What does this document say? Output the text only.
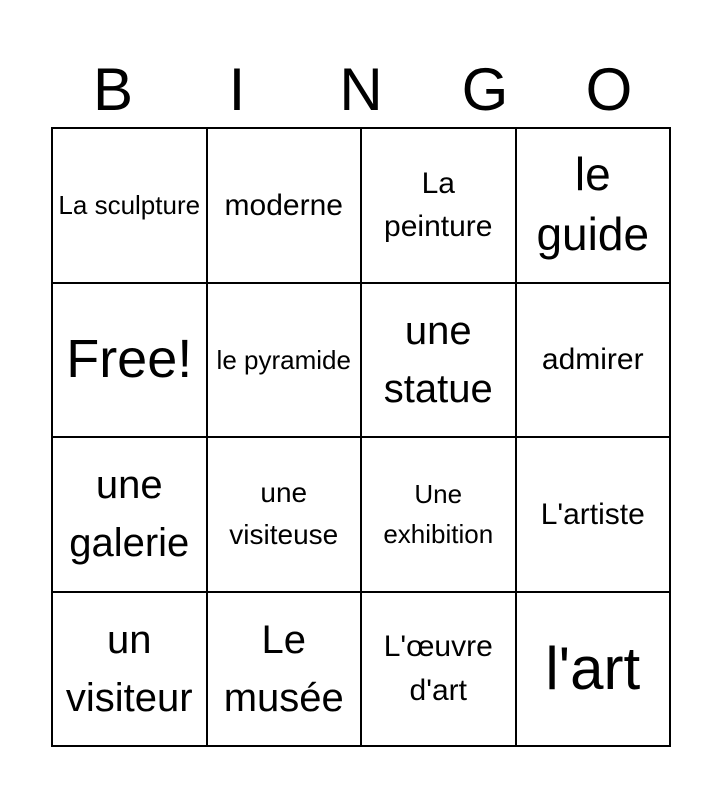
B	I	N	G	O
La sculpture moderne
La peinture
le guide
Free! le pyramide
une statue
admirer
une galerie
une visiteuse
Une exhibition
L'artiste
un visiteur
Le musée
L'œuvre d'art	l'art
